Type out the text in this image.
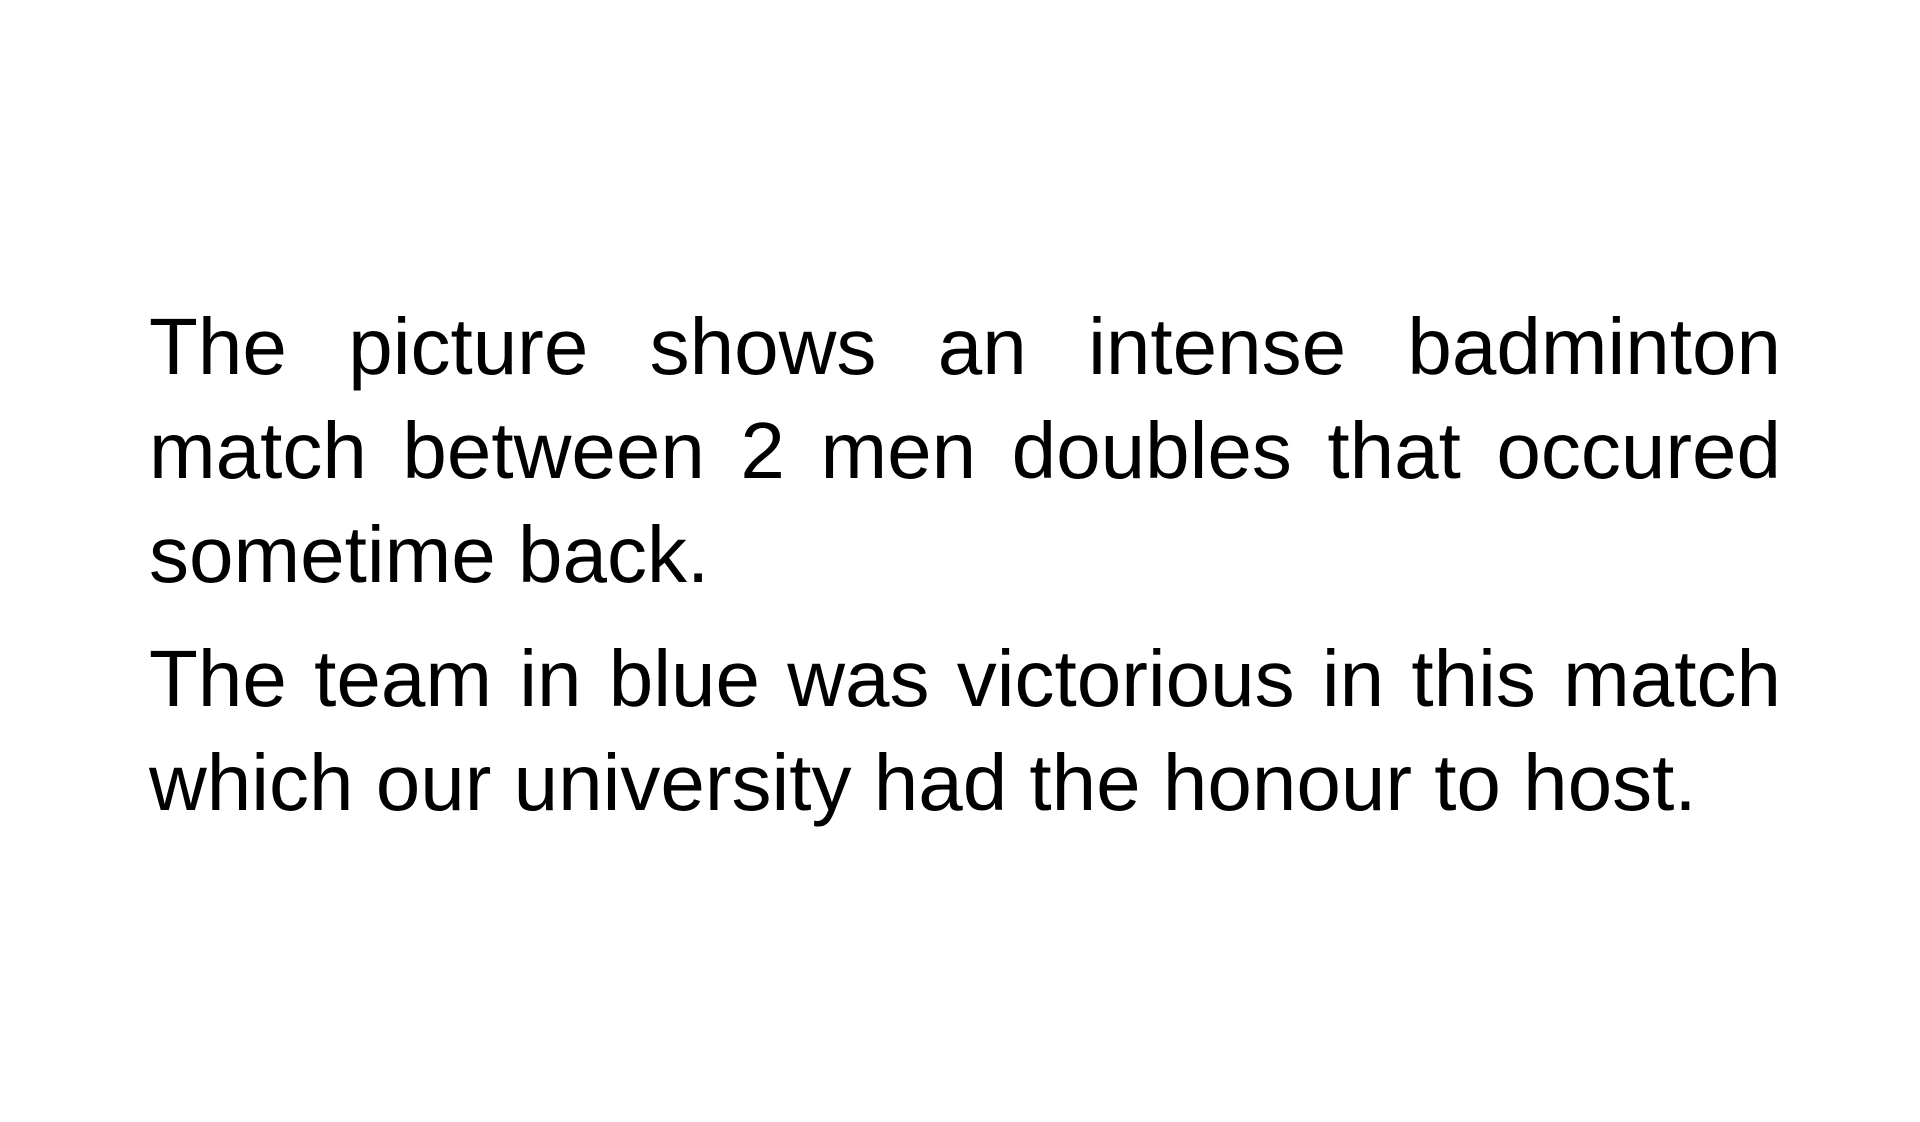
The picture shows an intense badminton match between 2 men doubles that occured sometime back.

The team in blue was victorious in this match which our university had the honour to host.
